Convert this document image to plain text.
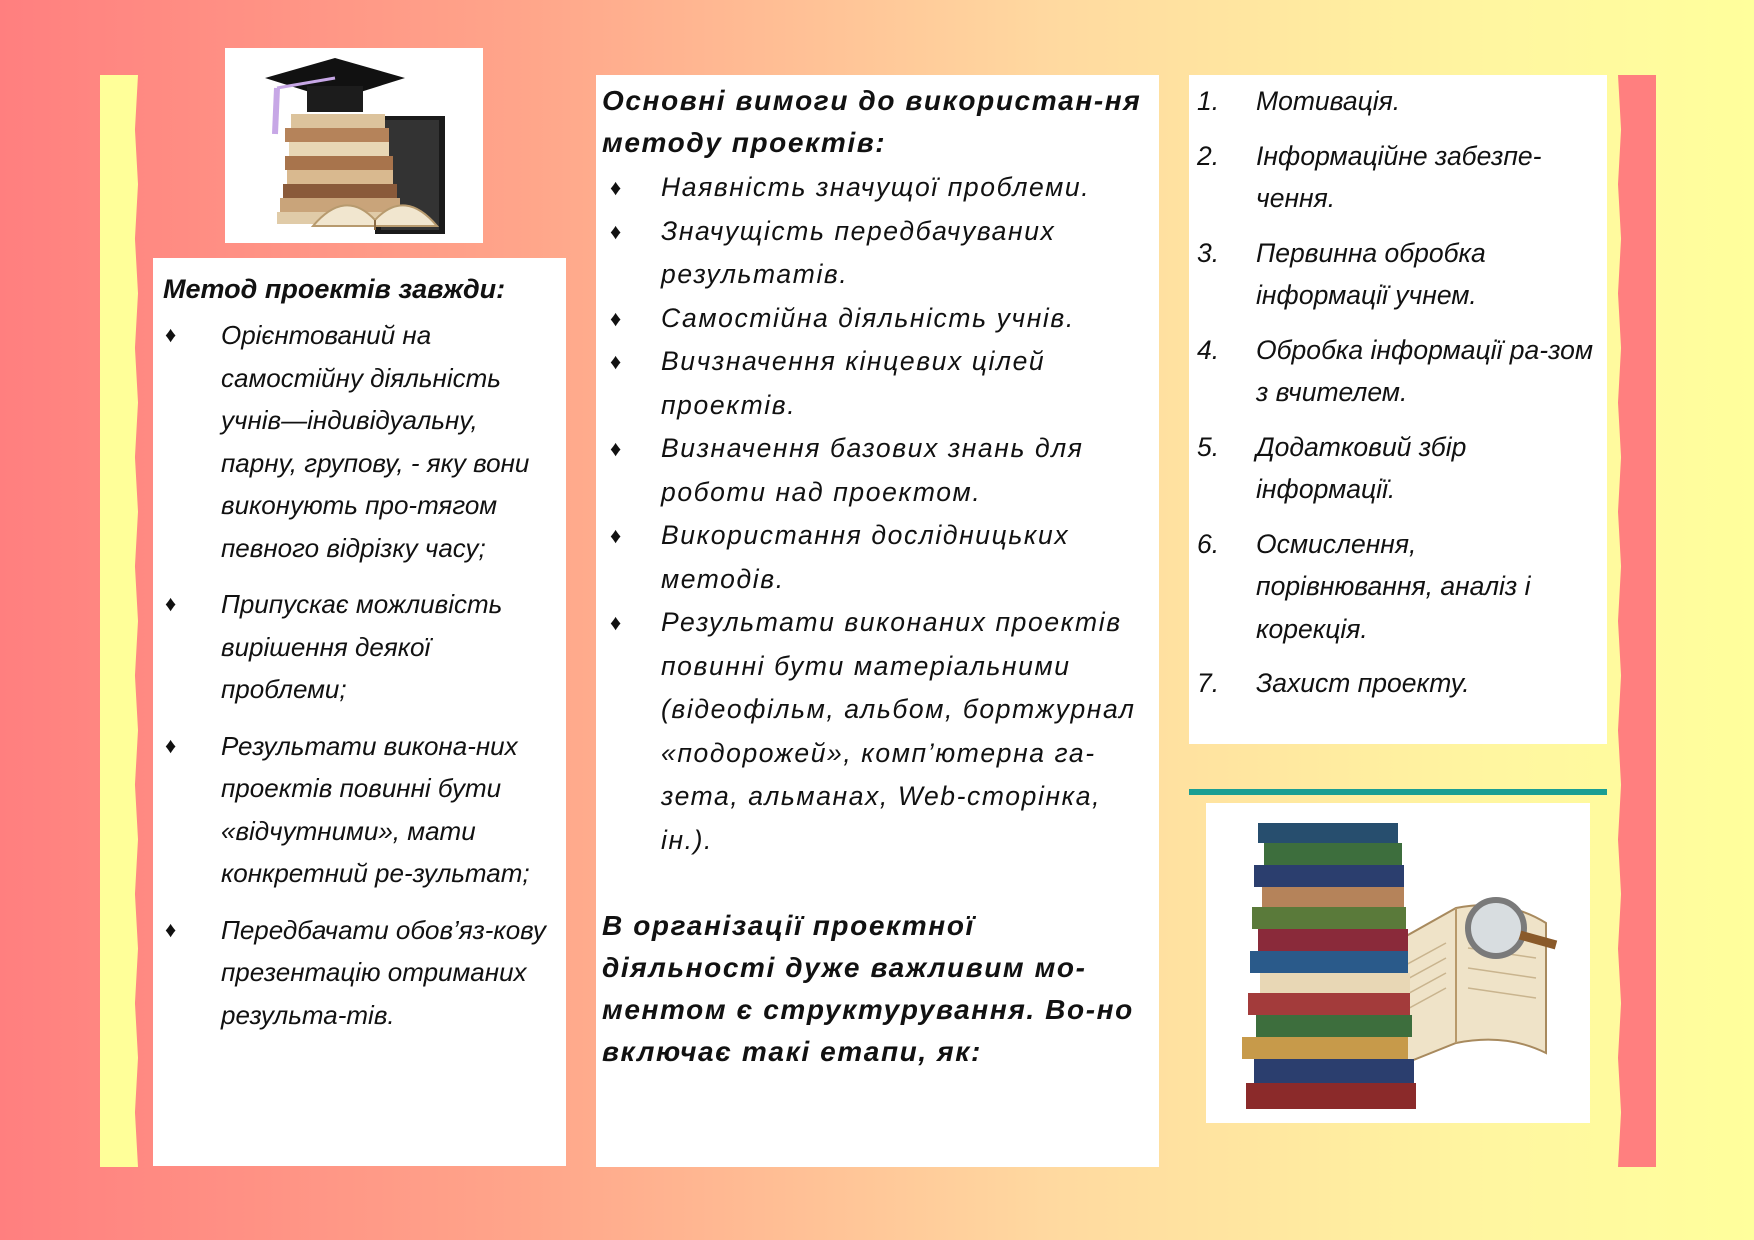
Метод проектів завжди:

♦ Орієнтований на самостійну діяльність учнів—індивідуальну, парну, групову, - яку вони виконують про-тягом певного відрізку часу;
♦ Припускає можливість вирішення деякої проблеми;
♦ Результати викона-них проектів повинні бути «відчутними», мати конкретний ре-зультат;
♦ Передбачати обов’яз-кову презентацію отриманих результа-тів.

Основні вимоги до використан-ня методу проектів:

♦ Наявність значущої проблеми.
♦ Значущість передбачуваних результатів.
♦ Самостійна діяльність учнів.
♦ Вичзначення кінцевих цілей проектів.
♦ Визначення базових знань для роботи над проектом.
♦ Використання дослідницьких методів.
♦ Результати виконаних проектів повинні бути матеріальними (відеофільм, альбом, бортжурнал «подорожей», комп’ютерна га-зета, альманах, Web-сторінка, ін.).

В організації проектної діяльності дуже важливим мо-ментом є структурування. Во-но включає такі етапи, як:

1. Мотивація.
2. Інформаційне забезпе-чення.
3. Первинна обробка інформації учнем.
4. Обробка інформації ра-зом з вчителем.
5. Додатковий збір інформації.
6. Осмислення, порівнювання, аналіз і корекція.
7. Захист проекту.
